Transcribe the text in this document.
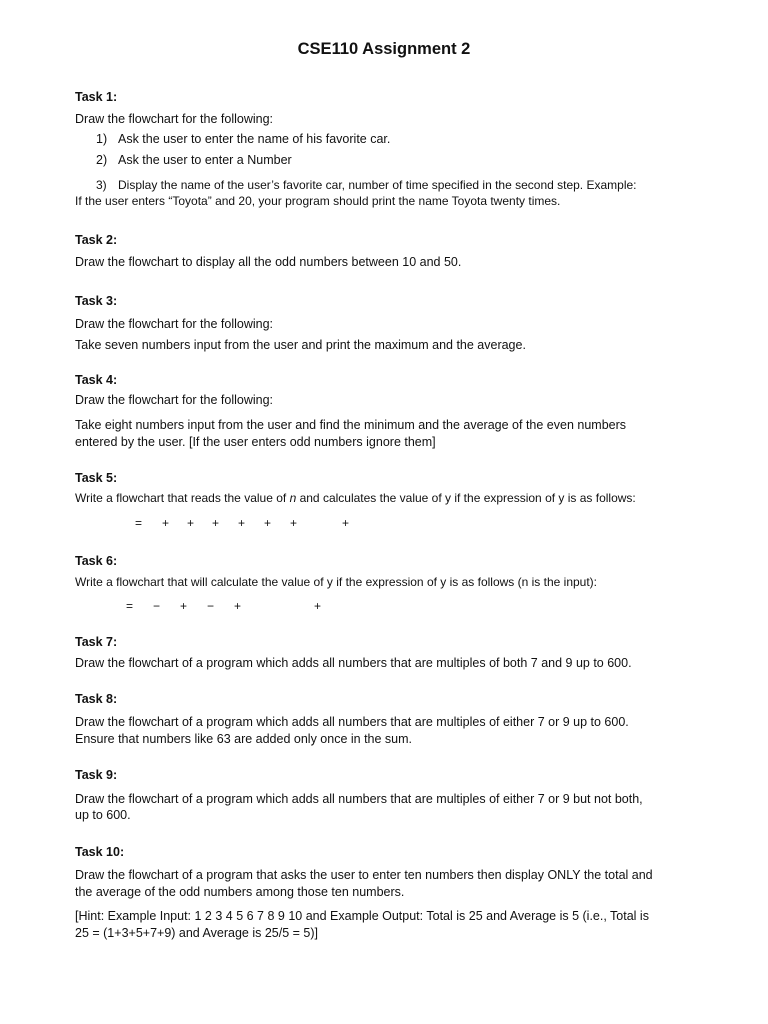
CSE110 Assignment 2
Task 1:
Draw the flowchart for the following:
1) Ask the user to enter the name of his favorite car.
2) Ask the user to enter a Number
3) Display the name of the user’s favorite car, number of time specified in the second step. Example:
If the user enters “Toyota” and 20, your program should print the name Toyota twenty times.
Task 2:
Draw the flowchart to display all the odd numbers between 10 and 50.
Task 3:
Draw the flowchart for the following:
Take seven numbers input from the user and print the maximum and the average.
Task 4:
Draw the flowchart for the following:
Take eight numbers input from the user and find the minimum and the average of the even numbers
entered by the user. [If the user enters odd numbers ignore them]
Task 5:
Write a flowchart that reads the value of n and calculates the value of y if the expression of y is as follows:
= + + + + + +	+
Task 6:
Write a flowchart that will calculate the value of y if the expression of y is as follows (n is the input):
= − + − +	+
Task 7:
Draw the flowchart of a program which adds all numbers that are multiples of both 7 and 9 up to 600.
Task 8:
Draw the flowchart of a program which adds all numbers that are multiples of either 7 or 9 up to 600.
Ensure that numbers like 63 are added only once in the sum.
Task 9:
Draw the flowchart of a program which adds all numbers that are multiples of either 7 or 9 but not both,
up to 600.
Task 10:
Draw the flowchart of a program that asks the user to enter ten numbers then display ONLY the total and
the average of the odd numbers among those ten numbers.
[Hint: Example Input: 1 2 3 4 5 6 7 8 9 10 and Example Output: Total is 25 and Average is 5 (i.e., Total is
25 = (1+3+5+7+9) and Average is 25/5 = 5)]
